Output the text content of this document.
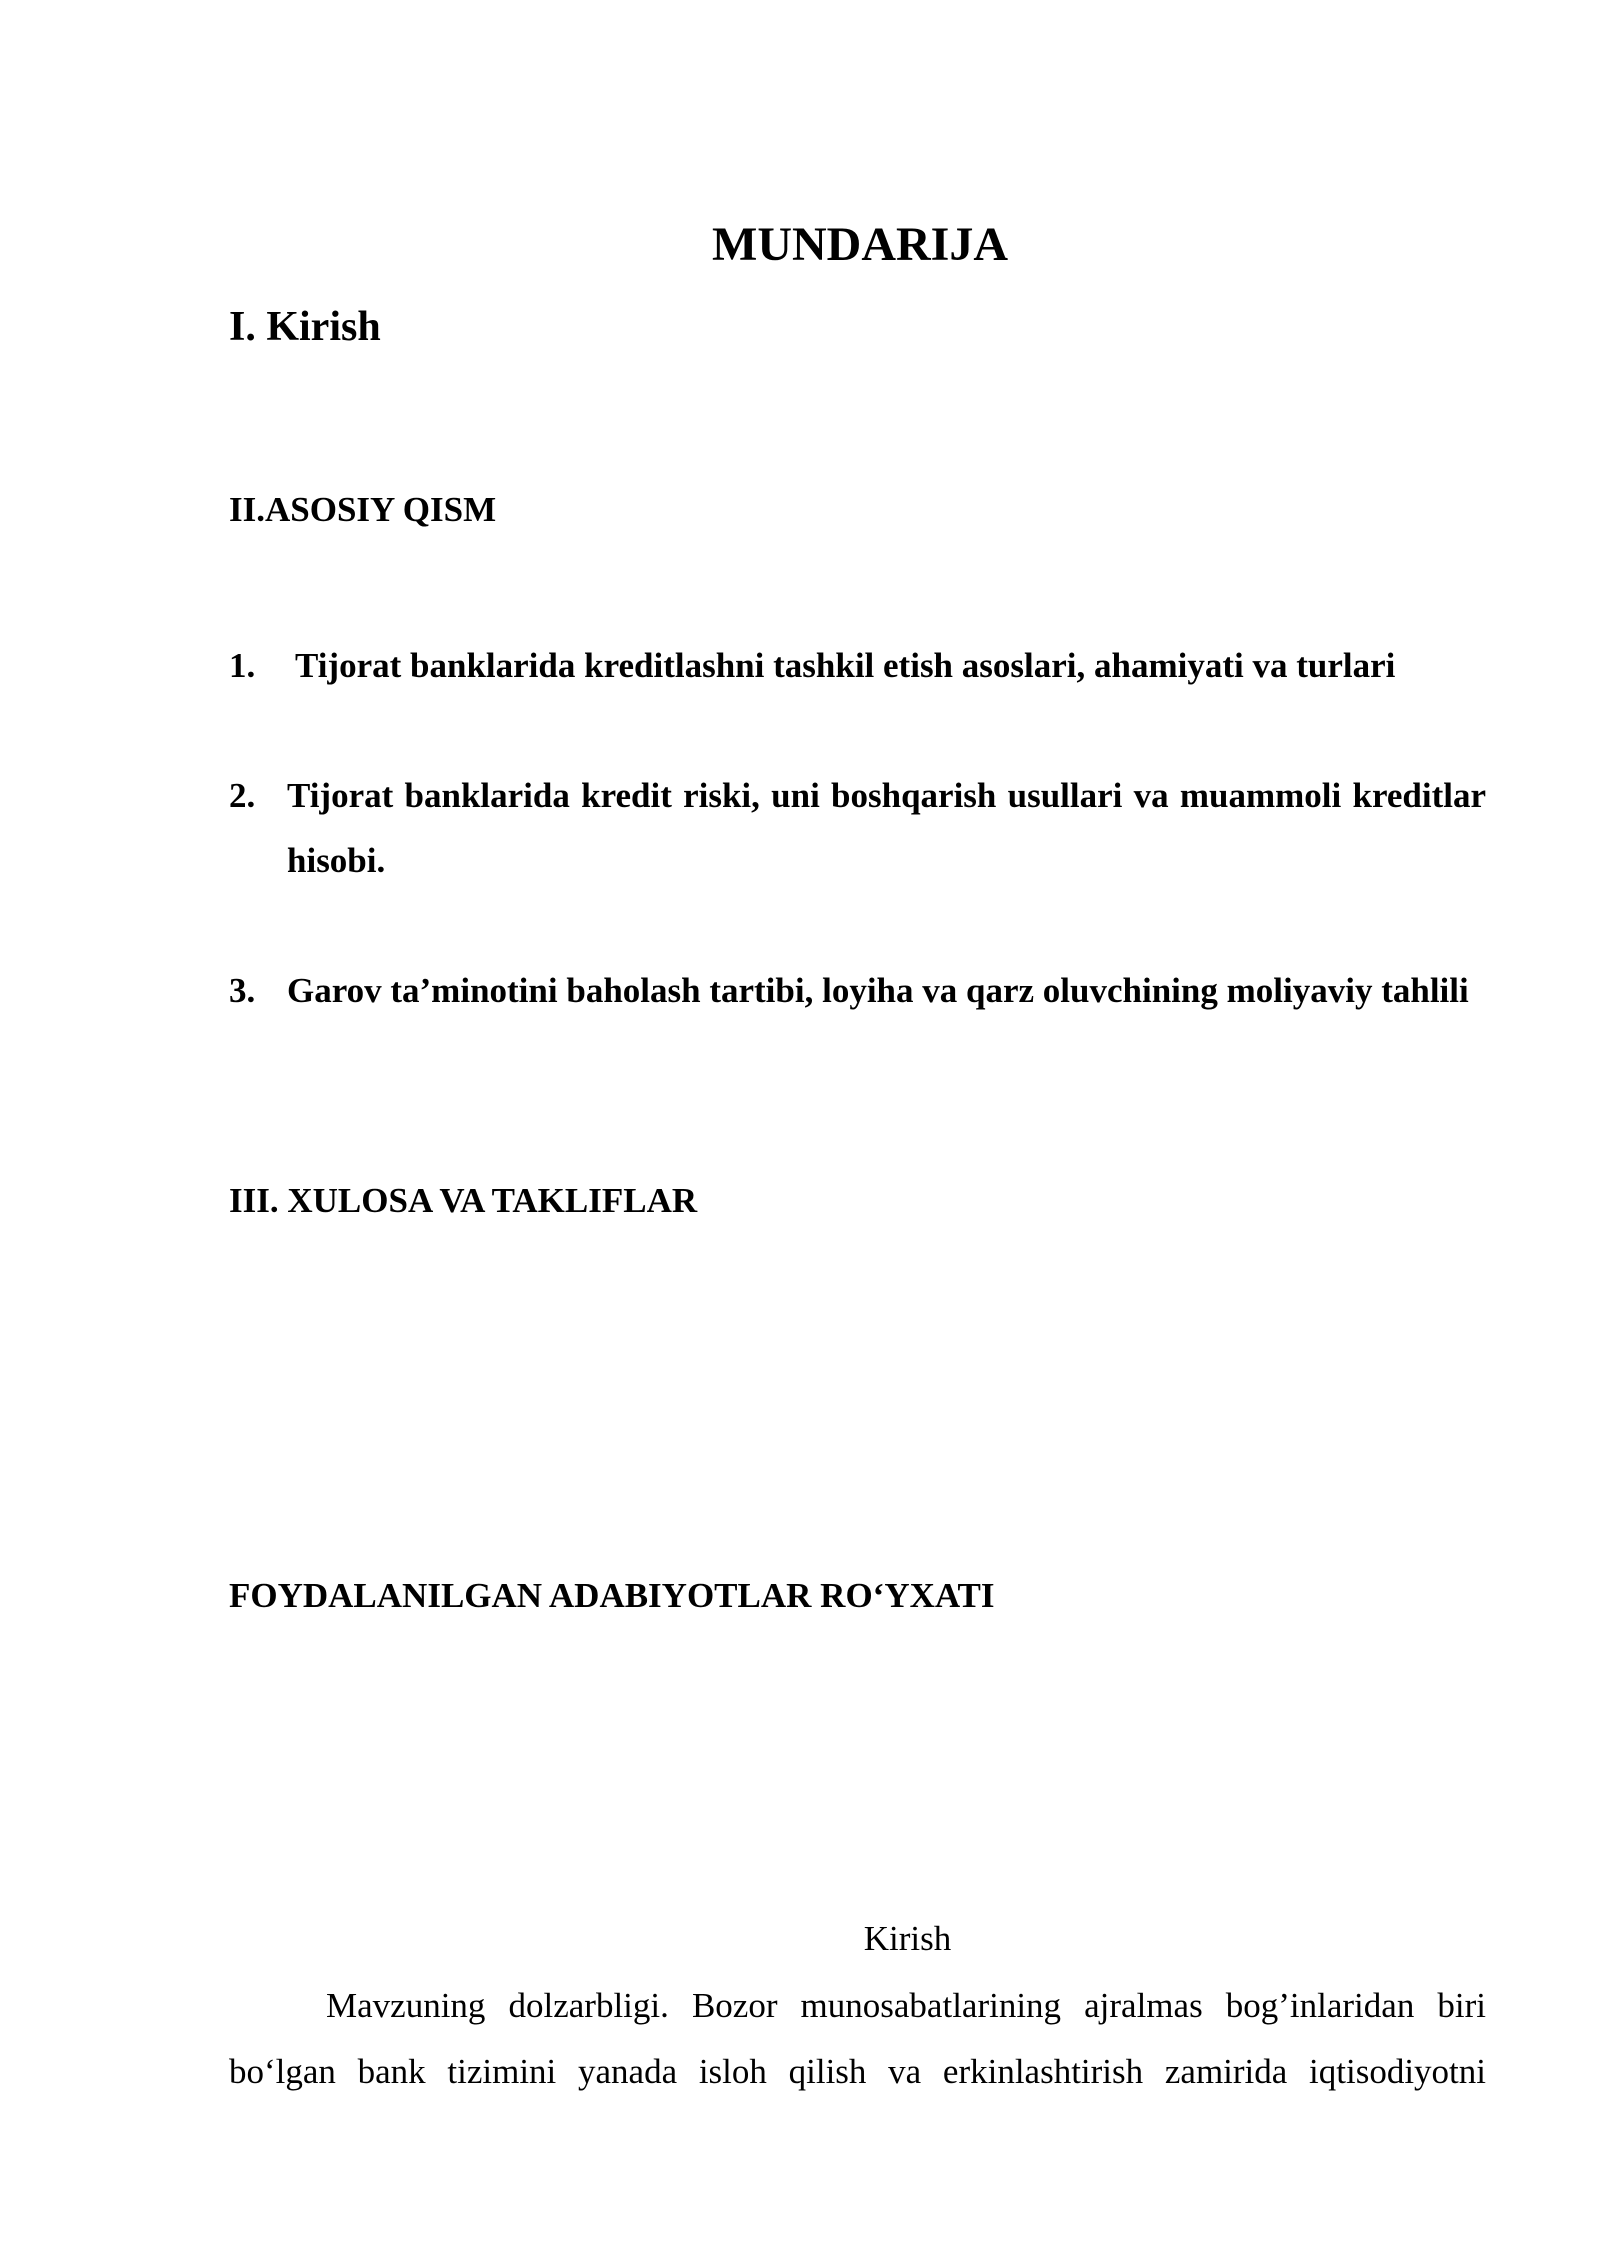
MUNDARIJA
I. Kirish
II.ASOSIY QISM
1.	Tijorat banklarida kreditlashni tashkil etish asoslari, ahamiyati va turlari
2. Tijorat banklarida kredit riski, uni boshqarish usullari va muammoli kreditlar hisobi.
3. Garov ta’minotini baholash tartibi, loyiha va qarz oluvchining moliyaviy tahlili
III. XULOSA VA TAKLIFLAR
FOYDALANILGAN ADABIYOTLAR RO‘YXATI
Kirish

Mavzuning dolzarbligi. Bozor munosabatlarining ajralmas bog’inlaridan biri bo‘lgan bank tizimini yanada isloh qilish va erkinlashtirish zamirida iqtisodiyotni
